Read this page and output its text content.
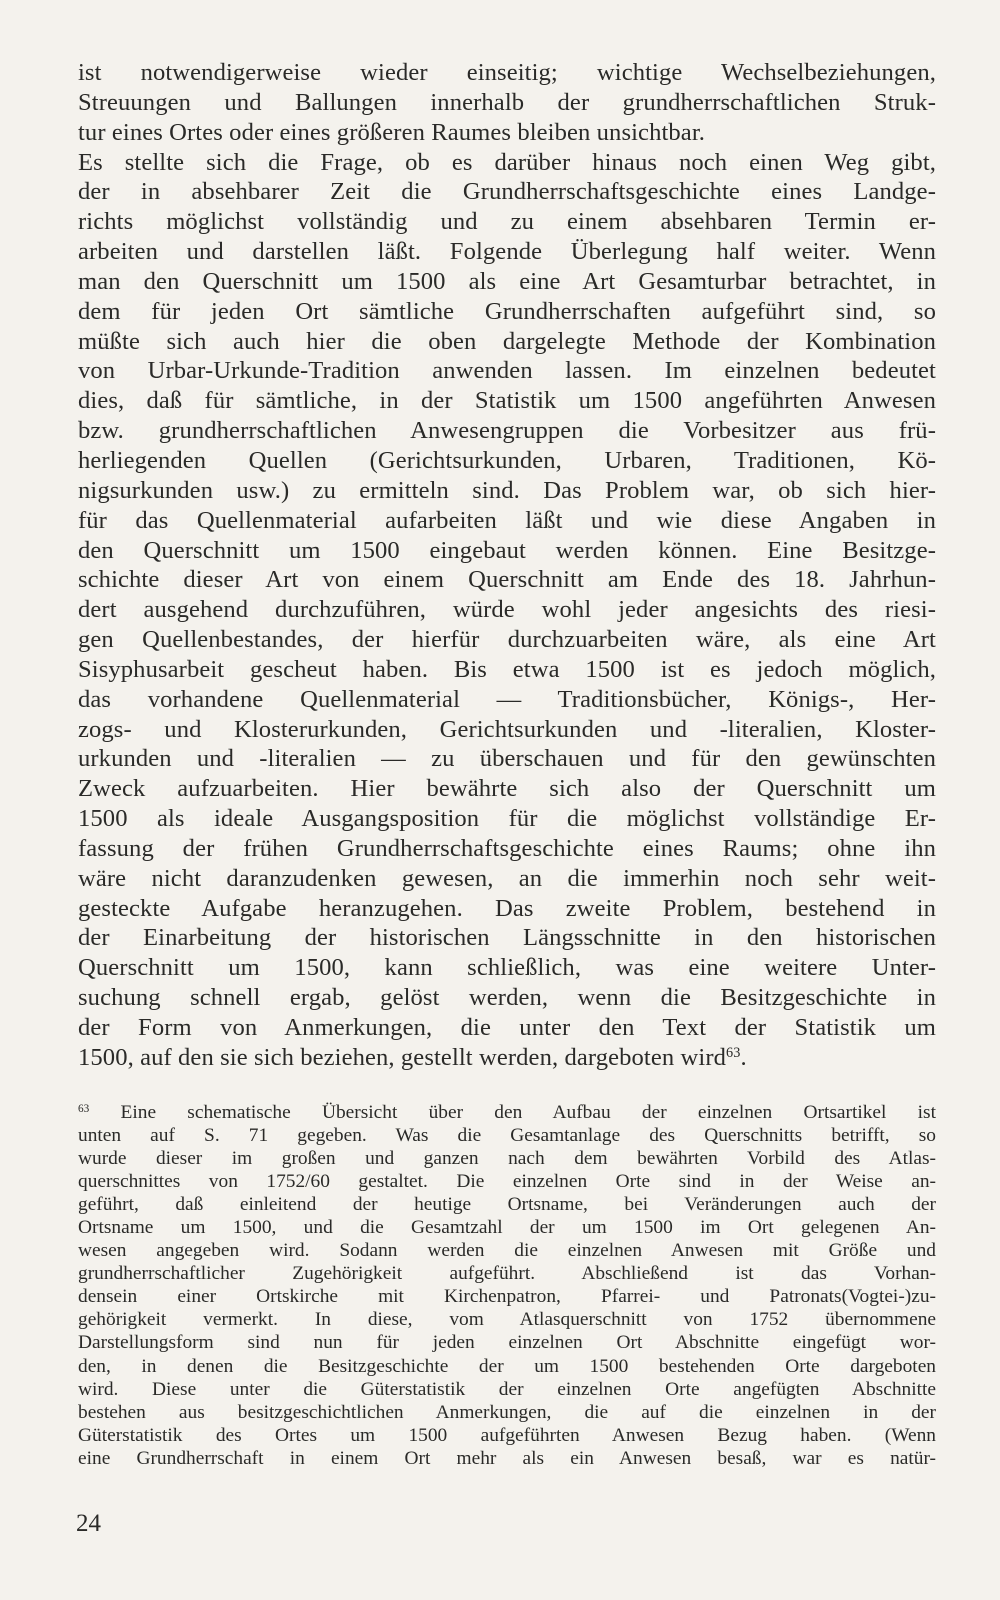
ist notwendigerweise wieder einseitig; wichtige Wechselbeziehungen,
Streuungen und Ballungen innerhalb der grundherrschaftlichen Struk-
tur eines Ortes oder eines größeren Raumes bleiben unsichtbar.
Es stellte sich die Frage, ob es darüber hinaus noch einen Weg gibt,
der in absehbarer Zeit die Grundherrschaftsgeschichte eines Landge-
richts möglichst vollständig und zu einem absehbaren Termin er-
arbeiten und darstellen läßt. Folgende Überlegung half weiter. Wenn
man den Querschnitt um 1500 als eine Art Gesamturbar betrachtet, in
dem für jeden Ort sämtliche Grundherrschaften aufgeführt sind, so
müßte sich auch hier die oben dargelegte Methode der Kombination
von Urbar-Urkunde-Tradition anwenden lassen. Im einzelnen bedeutet
dies, daß für sämtliche, in der Statistik um 1500 angeführten Anwesen
bzw. grundherrschaftlichen Anwesengruppen die Vorbesitzer aus frü-
herliegenden Quellen (Gerichtsurkunden, Urbaren, Traditionen, Kö-
nigsurkunden usw.) zu ermitteln sind. Das Problem war, ob sich hier-
für das Quellenmaterial aufarbeiten läßt und wie diese Angaben in
den Querschnitt um 1500 eingebaut werden können. Eine Besitzge-
schichte dieser Art von einem Querschnitt am Ende des 18. Jahrhun-
dert ausgehend durchzuführen, würde wohl jeder angesichts des riesi-
gen Quellenbestandes, der hierfür durchzuarbeiten wäre, als eine Art
Sisyphusarbeit gescheut haben. Bis etwa 1500 ist es jedoch möglich,
das vorhandene Quellenmaterial — Traditionsbücher, Königs-, Her-
zogs- und Klosterurkunden, Gerichtsurkunden und -literalien, Kloster-
urkunden und -literalien — zu überschauen und für den gewünschten
Zweck aufzuarbeiten. Hier bewährte sich also der Querschnitt um
1500 als ideale Ausgangsposition für die möglichst vollständige Er-
fassung der frühen Grundherrschaftsgeschichte eines Raums; ohne ihn
wäre nicht daranzudenken gewesen, an die immerhin noch sehr weit-
gesteckte Aufgabe heranzugehen. Das zweite Problem, bestehend in
der Einarbeitung der historischen Längsschnitte in den historischen
Querschnitt um 1500, kann schließlich, was eine weitere Unter-
suchung schnell ergab, gelöst werden, wenn die Besitzgeschichte in
der Form von Anmerkungen, die unter den Text der Statistik um
1500, auf den sie sich beziehen, gestellt werden, dargeboten wird$^{63}$.
$^{63}$ Eine schematische Übersicht über den Aufbau der einzelnen Ortsartikel ist
unten auf S. 71 gegeben. Was die Gesamtanlage des Querschnitts betrifft, so
wurde dieser im großen und ganzen nach dem bewährten Vorbild des Atlas-
querschnittes von 1752/60 gestaltet. Die einzelnen Orte sind in der Weise an-
geführt, daß einleitend der heutige Ortsname, bei Veränderungen auch der
Ortsname um 1500, und die Gesamtzahl der um 1500 im Ort gelegenen An-
wesen angegeben wird. Sodann werden die einzelnen Anwesen mit Größe und
grundherrschaftlicher Zugehörigkeit aufgeführt. Abschließend ist das Vorhan-
densein einer Ortskirche mit Kirchenpatron, Pfarrei- und Patronats(Vogtei-)zu-
gehörigkeit vermerkt. In diese, vom Atlasquerschnitt von 1752 übernommene
Darstellungsform sind nun für jeden einzelnen Ort Abschnitte eingefügt wor-
den, in denen die Besitzgeschichte der um 1500 bestehenden Orte dargeboten
wird. Diese unter die Güterstatistik der einzelnen Orte angefügten Abschnitte
bestehen aus besitzgeschichtlichen Anmerkungen, die auf die einzelnen in der
Güterstatistik des Ortes um 1500 aufgeführten Anwesen Bezug haben. (Wenn
eine Grundherrschaft in einem Ort mehr als ein Anwesen besaß, war es natür-
24
